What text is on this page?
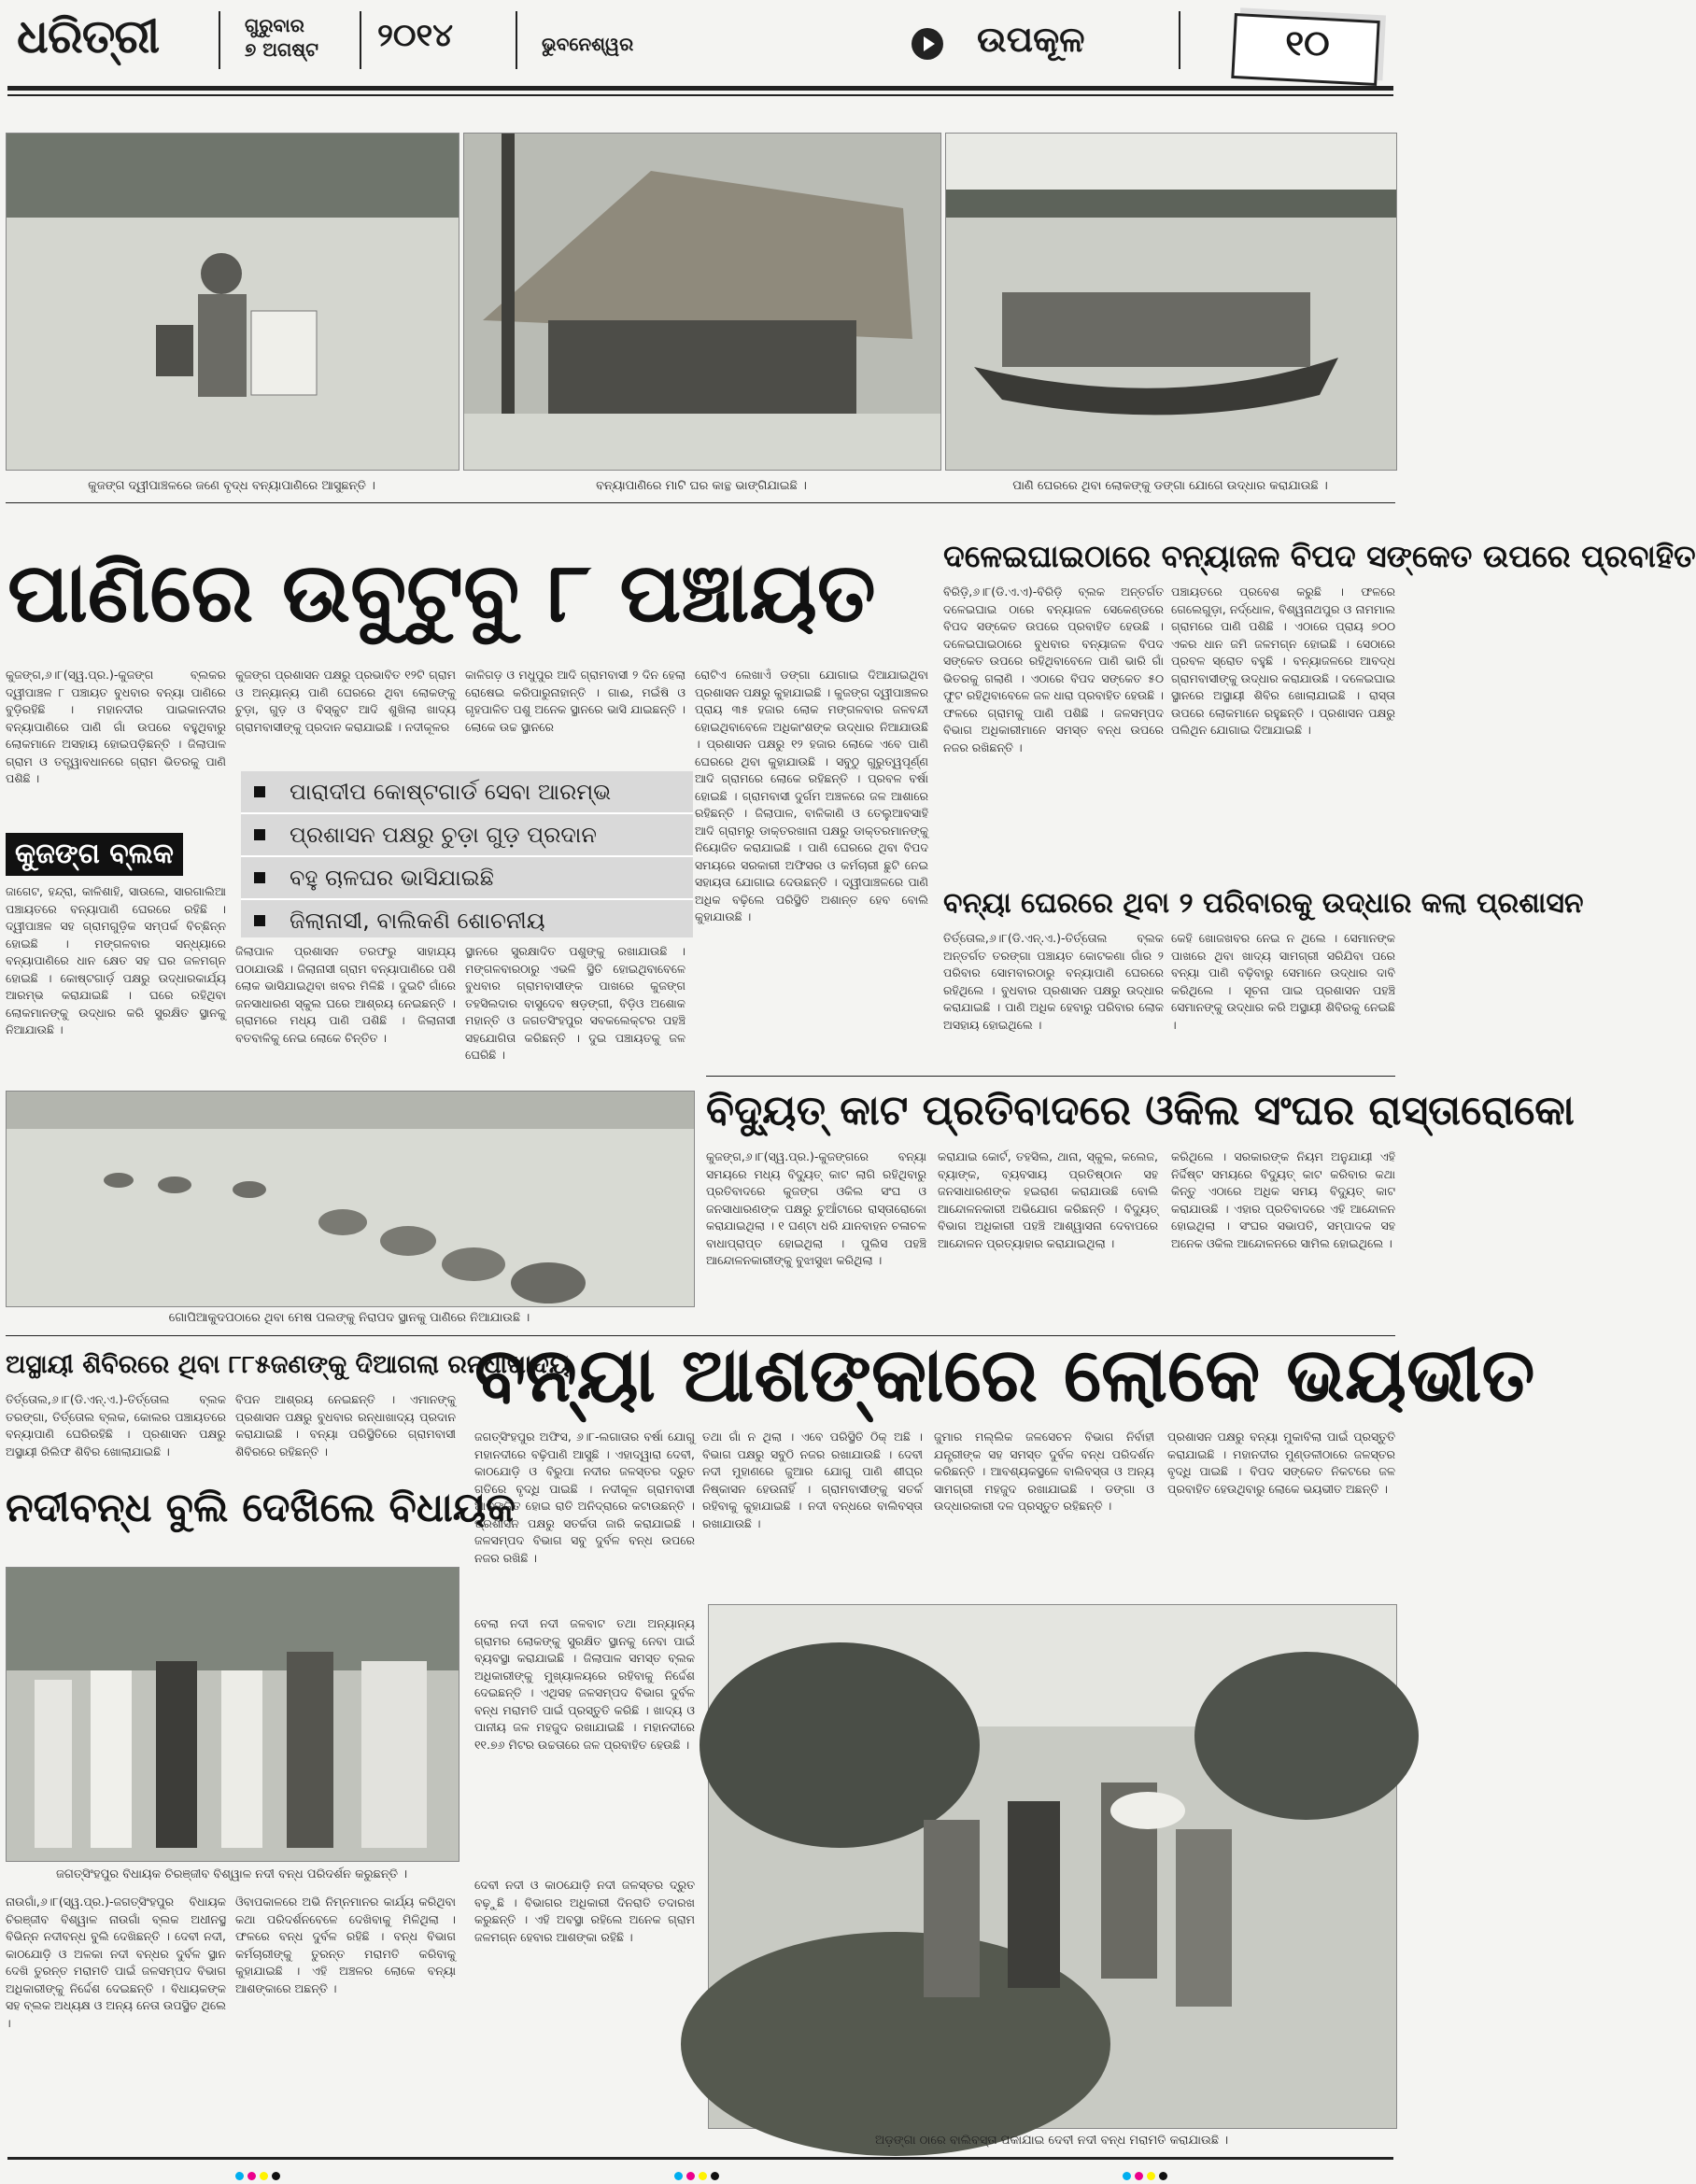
ଧରିତ୍ରୀ	ଗୁରୁବାର
୭ ଅଗଷ୍ଟ ୨୦୧୪	ଭୁବନେଶ୍ୱର	ଉପକୂଳ	୧୦
କୁଜଙ୍ଗ ଦ୍ୱୀପାଞ୍ଚଳରେ ଜଣେ ବୃଦ୍ଧ ବନ୍ୟାପାଣିରେ ଆସୁଛନ୍ତି ।	ବନ୍ୟାପାଣିରେ ମାଟି ଘର କାନ୍ଥ ଭାଙ୍ଗିଯାଇଛି ।	ପାଣି ଘେରରେ ଥିବା ଲୋକଙ୍କୁ ଡଙ୍ଗା ଯୋଗେ ଉଦ୍ଧାର କରାଯାଉଛି ।
ପାଣିରେ ଉବୁଟୁବୁ ୮ ପଞ୍ଚାୟତ
କୁଜଙ୍ଗ,୬।୮(ସ୍ୱ.ପ୍ର.)-କୁଜଙ୍ଗ ବ୍ଲକର ଦ୍ୱୀପାଞ୍ଚଳ ୮ ପଞ୍ଚାୟତ ବୁଧବାର ବନ୍ୟା ପାଣିରେ ବୁଡ଼ିରହିଛି । ମହାନଦୀର ପାଇକାନଦୀର ବନ୍ୟାପାଣିରେ ପାଣି ଗାଁ ଉପରେ ବହୁଥିବାରୁ ଲୋକମାନେ ଅସହାୟ ହୋଇପଡ଼ିଛନ୍ତି । ଜିଲାପାଳ ଗ୍ରାମ ଓ ତତ୍ତ୍ୱାବଧାନରେ ଗ୍ରାମ ଭିତରକୁ ପାଣି ପଶିଛି ।
କୁଜଙ୍ଗ ବ୍ଲକ
ଜାଗେଟ, ହନ୍ଦ୍ରା, କାଳିଶାହି, ସାଉଲେ, ସାରଗାଲିଆ ପଞ୍ଚାୟତରେ ବନ୍ୟାପାଣି ଘେରରେ ରହିଛି । ଦ୍ୱୀପାଞ୍ଚଳ ସହ ଗ୍ରାମଗୁଡ଼ିକ ସମ୍ପର୍କ ବିଚ୍ଛିନ୍ନ ହୋଇଛି । ମଙ୍ଗଳବାର ସନ୍ଧ୍ୟାରେ ବନ୍ୟାପାଣିରେ ଧାନ କ୍ଷେତ ସହ ଘର ଜଳମଗ୍ନ ହୋଇଛି । କୋଷ୍ଟଗାର୍ଡ଼ ପକ୍ଷରୁ ଉଦ୍ଧାରକାର୍ଯ୍ୟ ଆରମ୍ଭ କରାଯାଇଛି । ଘରେ ରହିଥିବା ଲୋକମାନଙ୍କୁ ଉଦ୍ଧାର କରି ସୁରକ୍ଷିତ ସ୍ଥାନକୁ ନିଆଯାଉଛି ।
କୁଜଙ୍ଗ ପ୍ରଶାସନ ପକ୍ଷରୁ ପ୍ରଭାବିତ ୧୨ଟି ଗ୍ରାମ ଓ ଅନ୍ୟାନ୍ୟ ପାଣି ଘେରରେ ଥିବା ଲୋକଙ୍କୁ ଚୁଡ଼ା, ଗୁଡ଼ ଓ ବିସ୍କୁଟ ଆଦି ଶୁଖିଲା ଖାଦ୍ୟ ଗ୍ରାମବାସୀଙ୍କୁ ପ୍ରଦାନ କରାଯାଇଛି । ନଦୀକୂଳର
କାଳିଗଡ଼ ଓ ମଧୁପୁର ଆଦି ଗ୍ରାମବାସୀ ୨ ଦିନ ହେଲା ରୋଷେଇ କରିପାରୁନାହାନ୍ତି । ଗାଈ, ମଇଁଷି ଓ ଗୃହପାଳିତ ପଶୁ ଅନେକ ସ୍ଥାନରେ ଭାସି ଯାଇଛନ୍ତି । ଲୋକେ ଉଚ୍ଚ ସ୍ଥାନରେ
ପାରାଦୀପ କୋଷ୍ଟଗାର୍ଡ ସେବା ଆରମ୍ଭ
ପ୍ରଶାସନ ପକ୍ଷରୁ ଚୁଡ଼ା ଗୁଡ଼ ପ୍ରଦାନ
ବହୁ ଚାଳଘର ଭାସିଯାଇଛି
ଜିଲାନାସୀ, ବାଲିକଣି ଶୋଚନୀୟ
ଜିଲାପାଳ ପ୍ରଶାସନ ତରଫରୁ ସାହାଯ୍ୟ ପଠାଯାଉଛି । ଜିଲାନାସୀ ଗ୍ରାମ ବନ୍ୟାପାଣିରେ ପଶି ଲୋକ ଭାସିଯାଇଥିବା ଖବର ମିଳିଛି । ଦୁଇଟି ଗାଁରେ ଜନସାଧାରଣ ସ୍କୁଲ ଘରେ ଆଶ୍ରୟ ନେଇଛନ୍ତି । ଗ୍ରାମରେ ମଧ୍ୟ ପାଣି ପଶିଛି । ଜିଲାନାସୀ ବତବାଳିକୁ ନେଇ ଲୋକେ ଚିନ୍ତିତ ।
ସ୍ଥାନରେ ସୁରକ୍ଷାଦିତ ପଶୁଙ୍କୁ ରଖାଯାଉଛି । ମଙ୍ଗଳବାରଠାରୁ ଏଭଳି ସ୍ଥିତି ହୋଇଥିବାବେଳେ ବୁଧବାର ଗ୍ରାମବାସୀଙ୍କ ପାଖରେ କୁଜଙ୍ଗ ତହସିଲଦାର ବାସୁଦେବ ଷଡ଼ଙ୍ଗୀ, ବିଡ଼ିଓ ଅଶୋକ ମହାନ୍ତି ଓ ଜଗତସିଂହପୁର ସବକଲେକ୍ଟର ପହଞ୍ଚି ସହଯୋଗିତା କରିଛନ୍ତି । ଦୁଇ ପଞ୍ଚାୟତକୁ ଜଳ ଘେରିଛି ।
ରୋଟିଏ ଲେଖାଏଁ ଡଙ୍ଗା ଯୋଗାଇ ଦିଆଯାଇଥିବା ପ୍ରଶାସନ ପକ୍ଷରୁ କୁହାଯାଇଛି । କୁଜଙ୍ଗ ଦ୍ୱୀପାଞ୍ଚଳର ପ୍ରାୟ ୩୫ ହଜାର ଲୋକ ମଙ୍ଗଳବାର ଜଳବନ୍ଦୀ ହୋଇଥିବାବେଳେ ଅଧିକାଂଶଙ୍କ ଉଦ୍ଧାର ନିଆଯାଉଛି । ପ୍ରଶାସନ ପକ୍ଷରୁ ୧୨ ହଜାର ଲୋକେ ଏବେ ପାଣି ଘେରରେ ଥିବା କୁହାଯାଉଛି । ସବୁଠୁ ଗୁରୁତ୍ୱପୂର୍ଣ୍ଣ ଆଦି ଗ୍ରାମରେ ଲୋକେ ରହିଛନ୍ତି । ପ୍ରବଳ ବର୍ଷା ହୋଇଛି । ଗ୍ରାମବାସୀ ଦୁର୍ଗମ ଅଞ୍ଚଳରେ ଜଳ ଆଶାରେ ରହିଛନ୍ତି । ଜିଲାପାଳ, ବାଳିକାଣି ଓ ତେଲୁଆବସାହି ଆଦି ଗ୍ରାମରୁ ଡାକ୍ତରଖାନା ପକ୍ଷରୁ ଡାକ୍ତରମାନଙ୍କୁ ନିୟୋଜିତ କରାଯାଇଛି । ପାଣି ଘେରରେ ଥିବା ବିପଦ ସମୟରେ ସରକାରୀ ଅଫିସର ଓ କର୍ମଚାରୀ ଛୁଟି ନେଇ ସହାୟତା ଯୋଗାଇ ଦେଉଛନ୍ତି । ଦ୍ୱୀପାଞ୍ଚଳରେ ପାଣି ଅଧିକ ବଢ଼ିଲେ ପରିସ୍ଥିତି ଅଶାନ୍ତ ହେବ ବୋଲି କୁହାଯାଉଛି ।
ଗୋପିଆକୁଦପଠାରେ ଥିବା ମେଷ ପଲଙ୍କୁ ନିରାପଦ ସ୍ଥାନକୁ ପାଣିରେ ନିଆଯାଉଛି ।
ଦଳେଇଘାଇଠାରେ ବନ୍ୟାଜଳ ବିପଦ ସଙ୍କେତ ଉପରେ ପ୍ରବାହିତ
ବିରିଡ଼ି,୬।୮(ଡି.ଏ.ଏ)-ବିରିଡ଼ି ବ୍ଲକ ଅନ୍ତର୍ଗତ ଦଳେଇଘାଇ ଠାରେ ବନ୍ୟାଜଳ ସେକେଣ୍ଡରେ ବିପଦ ସଙ୍କେତ ଉପରେ ପ୍ରବାହିତ ହେଉଛି । ଦଳେଇଘାଇଠାରେ ବୁଧବାର ବନ୍ୟାଜଳ ବିପଦ ସଙ୍କେତ ଉପରେ ରହିଥିବାବେଳେ ପାଣି ଭାରି ଗାଁ ଭିତରକୁ ଗଲାଣି । ଏଠାରେ ବିପଦ ସଙ୍କେତ ୫୦ ଫୁଟ ରହିଥିବାବେଳେ ଜଳ ଧାରା ପ୍ରବାହିତ ହେଉଛି । ଫଳରେ ଗ୍ରାମକୁ ପାଣି ପଶିଛି । ଜଳସମ୍ପଦ ବିଭାଗ ଅଧିକାରୀମାନେ ସମସ୍ତ ବନ୍ଧ ଉପରେ ନଜର ରଖିଛନ୍ତି ।
ପଞ୍ଚାୟତରେ ପ୍ରବେଶ କରୁଛି । ଫଳରେ ଗେଲେଗୁଡ଼ା, ନର୍ଦ୍ଧୋଳ, ବିଶ୍ୱନାଥପୁର ଓ ନାମମାଲ ଗ୍ରାମରେ ପାଣି ପଶିଛି । ଏଠାରେ ପ୍ରାୟ ୭୦୦ ଏକର ଧାନ ଜମି ଜଳମଗ୍ନ ହୋଇଛି । ସେଠାରେ ପ୍ରବଳ ସ୍ରୋତ ବହୁଛି । ବନ୍ୟାଜଳରେ ଆବଦ୍ଧ ଗ୍ରାମବାସୀଙ୍କୁ ଉଦ୍ଧାର କରାଯାଉଛି । ଦଳେଇଘାଇ ସ୍ଥାନରେ ଅସ୍ଥାୟୀ ଶିବିର ଖୋଲାଯାଇଛି । ରାସ୍ତା ଉପରେ ଲୋକମାନେ ରହୁଛନ୍ତି । ପ୍ରଶାସନ ପକ୍ଷରୁ ପଲିଥିନ ଯୋଗାଇ ଦିଆଯାଇଛି ।
ବନ୍ୟା ଘେରରେ ଥିବା ୨ ପରିବାରକୁ ଉଦ୍ଧାର କଲା ପ୍ରଶାସନ
ତିର୍ତ୍ତୋଲ,୬।୮(ଡି.ଏନ୍.ଏ.)-ତିର୍ତ୍ତୋଲ ବ୍ଲକ ଅନ୍ତର୍ଗତ ତରଙ୍ଗା ପଞ୍ଚାୟତ କୋଟକଣା ଗାଁର ୨ ପରିବାର ସୋମବାରଠାରୁ ବନ୍ୟାପାଣି ଘେରରେ ରହିଥିଲେ । ବୁଧବାର ପ୍ରଶାସନ ପକ୍ଷରୁ ଉଦ୍ଧାର କରାଯାଇଛି । ପାଣି ଅଧିକ ହେବାରୁ ପରିବାର ଲୋକ ଅସହାୟ ହୋଇଥିଲେ ।
କେହି ଖୋଜଖବର ନେଇ ନ ଥିଲେ । ସେମାନଙ୍କ ପାଖରେ ଥିବା ଖାଦ୍ୟ ସାମଗ୍ରୀ ସରିଯିବା ପରେ ବନ୍ୟା ପାଣି ବଢ଼ିବାରୁ ସେମାନେ ଉଦ୍ଧାର ଦାବି କରିଥିଲେ । ସୂଚନା ପାଇ ପ୍ରଶାସନ ପହଞ୍ଚି ସେମାନଙ୍କୁ ଉଦ୍ଧାର କରି ଅସ୍ଥାୟୀ ଶିବିରକୁ ନେଇଛି ।
ବିଦ୍ୟୁତ୍ କାଟ ପ୍ରତିବାଦରେ ଓକିଲ ସଂଘର ରାସ୍ତାରୋକୋ
କୁଜଙ୍ଗ,୬।୮(ସ୍ୱ.ପ୍ର.)-କୁଜଙ୍ଗରେ ବନ୍ୟା ସମୟରେ ମଧ୍ୟ ବିଦ୍ୟୁତ୍ କାଟ ଲାଗି ରହିଥିବାରୁ ପ୍ରତିବାଦରେ କୁଜଙ୍ଗ ଓକିଲ ସଂଘ ଓ ଜନସାଧାରଣଙ୍କ ପକ୍ଷରୁ ଚୁଆଁଟାରେ ରାସ୍ତାରୋକୋ କରାଯାଇଥିଲା । ୧ ଘଣ୍ଟା ଧରି ଯାନବାହନ ଚଳାଚଳ ବାଧାପ୍ରାପ୍ତ ହୋଇଥିଲା । ପୁଲିସ ପହଞ୍ଚି ଆନ୍ଦୋଳନକାରୀଙ୍କୁ ବୁଝାସୁଝା କରିଥିଲା ।
କରାଯାଇ କୋର୍ଟ, ତହସିଲ, ଥାନା, ସ୍କୁଲ, କଲେଜ, ବ୍ୟାଙ୍କ, ବ୍ୟବସାୟ ପ୍ରତିଷ୍ଠାନ ସହ ଜନସାଧାରଣଙ୍କ ହଇରାଣ କରାଯାଉଛି ବୋଲି ଆନ୍ଦୋଳନକାରୀ ଅଭିଯୋଗ କରିଛନ୍ତି । ବିଦ୍ୟୁତ୍ ବିଭାଗ ଅଧିକାରୀ ପହଞ୍ଚି ଆଶ୍ୱାସନା ଦେବାପରେ ଆନ୍ଦୋଳନ ପ୍ରତ୍ୟାହାର କରାଯାଇଥିଲା ।
କରିଥିଲେ । ସରକାରଙ୍କ ନିୟମ ଅନୁଯାୟୀ ଏହି ନିର୍ଦ୍ଦିଷ୍ଟ ସମୟରେ ବିଦ୍ୟୁତ୍ କାଟ କରିବାର କଥା କିନ୍ତୁ ଏଠାରେ ଅଧିକ ସମୟ ବିଦ୍ୟୁତ୍ କାଟ କରାଯାଉଛି । ଏହାର ପ୍ରତିବାଦରେ ଏହି ଆନ୍ଦୋଳନ ହୋଇଥିଲା । ସଂଘର ସଭାପତି, ସମ୍ପାଦକ ସହ ଅନେକ ଓକିଲ ଆନ୍ଦୋଳନରେ ସାମିଲ ହୋଇଥିଲେ ।
ଅସ୍ଥାୟୀ ଶିବିରରେ ଥିବା ୮୮୫ଜଣଙ୍କୁ ଦିଆଗଲା ରନ୍ଧାଖାଦ୍ୟ
ତିର୍ତ୍ତୋଲ,୬।୮(ଡି.ଏନ୍.ଏ.)-ତିର୍ତ୍ତୋଲ ବ୍ଲକ ତରଙ୍ଗା, ତିର୍ତ୍ତୋଲ ବ୍ଲକ, କୋଲର ପଞ୍ଚାୟତରେ ବନ୍ୟାପାଣି ଘେରିରହିଛି । ପ୍ରଶାସନ ପକ୍ଷରୁ ଅସ୍ଥାୟୀ ରିଲିଫ ଶିବିର ଖୋଲାଯାଇଛି ।
ବିପନ ଆଶ୍ରୟ ନେଇଛନ୍ତି । ଏମାନଙ୍କୁ ପ୍ରଶାସନ ପକ୍ଷରୁ ବୁଧବାର ରନ୍ଧାଖାଦ୍ୟ ପ୍ରଦାନ କରାଯାଇଛି । ବନ୍ୟା ପରିସ୍ଥିତିରେ ଗ୍ରାମବାସୀ ଶିବିରରେ ରହିଛନ୍ତି ।
ନଦୀବନ୍ଧ ବୁଲି ଦେଖିଲେ ବିଧାୟକ
ଜଗତ୍‌ସିଂହପୁର ବିଧାୟକ ଚିରଞ୍ଜୀବ ବିଶ୍ୱାଳ ନଦୀ ବନ୍ଧ ପରିଦର୍ଶନ କରୁଛନ୍ତି ।
ନାଉଗାଁ,୬।୮(ସ୍ୱ.ପ୍ର.)-ଜଗତ୍‌ସିଂହପୁର ବିଧାୟକ ଚିରଞ୍ଜୀବ ବିଶ୍ୱାଳ ନାଉଗାଁ ବ୍ଲକ ଅଧୀନସ୍ଥ ବିଭିନ୍ନ ନଦୀବନ୍ଧ ବୁଲି ଦେଖିଛନ୍ତି । ଦେବୀ ନଦୀ, କାଠଯୋଡ଼ି ଓ ଅଳକା ନଦୀ ବନ୍ଧର ଦୁର୍ବଳ ସ୍ଥାନ ଦେଖି ତୁରନ୍ତ ମରାମତି ପାଇଁ ଜଳସମ୍ପଦ ବିଭାଗ ଅଧିକାରୀଙ୍କୁ ନିର୍ଦ୍ଦେଶ ଦେଇଛନ୍ତି । ବିଧାୟକଙ୍କ ସହ ବ୍ଲକ ଅଧ୍ୟକ୍ଷ ଓ ଅନ୍ୟ ନେତା ଉପସ୍ଥିତ ଥିଲେ ।
ଓିବାପକାଳରେ ଅଭି ନିମ୍ନମାନର କାର୍ଯ୍ୟ କରିଥିବା କଥା ପରିଦର୍ଶନବେଳେ ଦେଖିବାକୁ ମିଳିଥିଲା । ଫଳରେ ବନ୍ଧ ଦୁର୍ବଳ ରହିଛି । ବନ୍ଧ ବିଭାଗ କର୍ମଚାରୀଙ୍କୁ ତୁରନ୍ତ ମରାମତି କରିବାକୁ କୁହାଯାଇଛି । ଏହି ଅଞ୍ଚଳର ଲୋକେ ବନ୍ୟା ଆଶଙ୍କାରେ ଅଛନ୍ତି ।
ବନ୍ୟା ଆଶଙ୍କାରେ ଲୋକେ ଭୟଭୀତ
ଜଗତ୍‌ସିଂହପୁର ଅଫିସ, ୬।୮-ଲଗାତାର ବର୍ଷା ଯୋଗୁ ମହାନଦୀରେ ବଢ଼ିପାଣି ଆସୁଛି । ଏହାଦ୍ୱାରା ଦେବୀ, କାଠଯୋଡ଼ି ଓ ବିରୁପା ନଦୀର ଜଳସ୍ତର ଦ୍ରୁତ ଗତିରେ ବୃଦ୍ଧି ପାଇଛି । ନଦୀକୂଳ ଗ୍ରାମବାସୀ ଆତଙ୍କିତ ହୋଇ ରାତି ଅନିଦ୍ରାରେ କଟାଉଛନ୍ତି । ପ୍ରଶାସନ ପକ୍ଷରୁ ସତର୍କତା ଜାରି କରାଯାଇଛି । ଜଳସମ୍ପଦ ବିଭାଗ ସବୁ ଦୁର୍ବଳ ବନ୍ଧ ଉପରେ ନଜର ରଖିଛି ।
ତଥା ଗାଁ ନ ଥିଲା । ଏବେ ପରିସ୍ଥିତି ଠିକ୍ ଅଛି । ବିଭାଗ ପକ୍ଷରୁ ସବୁଠି ନଜର ରଖାଯାଉଛି । ଦେବୀ ନଦୀ ମୁହାଣରେ ଜୁଆର ଯୋଗୁ ପାଣି ଶୀଘ୍ର ନିଷ୍କାସନ ହେଉନାହିଁ । ଗ୍ରାମବାସୀଙ୍କୁ ସତର୍କ ରହିବାକୁ କୁହାଯାଇଛି । ନଦୀ ବନ୍ଧରେ ବାଲିବସ୍ତା ରଖାଯାଉଛି ।
ଜୁମାର ମଲ୍ଲିକ ଜଳସେଚନ ବିଭାଗ ନିର୍ବାହୀ ଯନ୍ତ୍ରୀଙ୍କ ସହ ସମସ୍ତ ଦୁର୍ବଳ ବନ୍ଧ ପରିଦର୍ଶନ କରିଛନ୍ତି । ଆବଶ୍ୟକସ୍ଥଳେ ବାଲିବସ୍ତା ଓ ଅନ୍ୟ ସାମଗ୍ରୀ ମହଜୁଦ ରଖାଯାଇଛି । ଡଙ୍ଗା ଓ ଉଦ୍ଧାରକାରୀ ଦଳ ପ୍ରସ୍ତୁତ ରହିଛନ୍ତି ।
ପ୍ରଶାସନ ପକ୍ଷରୁ ବନ୍ୟା ମୁକାବିଲା ପାଇଁ ପ୍ରସ୍ତୁତି କରାଯାଇଛି । ମହାନଦୀର ମୁଣ୍ଡଳୀଠାରେ ଜଳସ୍ତର ବୃଦ୍ଧି ପାଇଛି । ବିପଦ ସଙ୍କେତ ନିକଟରେ ଜଳ ପ୍ରବାହିତ ହେଉଥିବାରୁ ଲୋକେ ଭୟଭୀତ ଅଛନ୍ତି ।
ବେଲା ନଦୀ ନଦୀ ଜଳବାଟ ତଥା ଅନ୍ୟାନ୍ୟ ଗ୍ରାମର ଲୋକଙ୍କୁ ସୁରକ୍ଷିତ ସ୍ଥାନକୁ ନେବା ପାଇଁ ବ୍ୟବସ୍ଥା କରାଯାଇଛି । ଜିଲାପାଳ ସମସ୍ତ ବ୍ଲକ ଅଧିକାରୀଙ୍କୁ ମୁଖ୍ୟାଳୟରେ ରହିବାକୁ ନିର୍ଦ୍ଦେଶ ଦେଇଛନ୍ତି । ଏଥିସହ ଜଳସମ୍ପଦ ବିଭାଗ ଦୁର୍ବଳ ବନ୍ଧ ମରାମତି ପାଇଁ ପ୍ରସ୍ତୁତି କରିଛି । ଖାଦ୍ୟ ଓ ପାନୀୟ ଜଳ ମହଜୁଦ ରଖାଯାଇଛି । ମହାନଦୀରେ ୧୧.୭୬ ମିଟର ଉଚ୍ଚତାରେ ଜଳ ପ୍ରବାହିତ ହେଉଛି ।
ଦେବୀ ନଦୀ ଓ କାଠଯୋଡ଼ି ନଦୀ ଜଳସ୍ତର ଦ୍ରୁତ ବଢ଼ୁଛି । ବିଭାଗର ଅଧିକାରୀ ଦିନରାତି ତଦାରଖ କରୁଛନ୍ତି । ଏହି ଅବସ୍ଥା ରହିଲେ ଅନେକ ଗ୍ରାମ ଜଳମଗ୍ନ ହେବାର ଆଶଙ୍କା ରହିଛି ।
ଅଡ଼ଙ୍ଗା ଠାରେ ବାଲିବସ୍ତା ପକାଯାଇ ଦେବୀ ନଦୀ ବନ୍ଧ ମରାମତି କରାଯାଉଛି ।
